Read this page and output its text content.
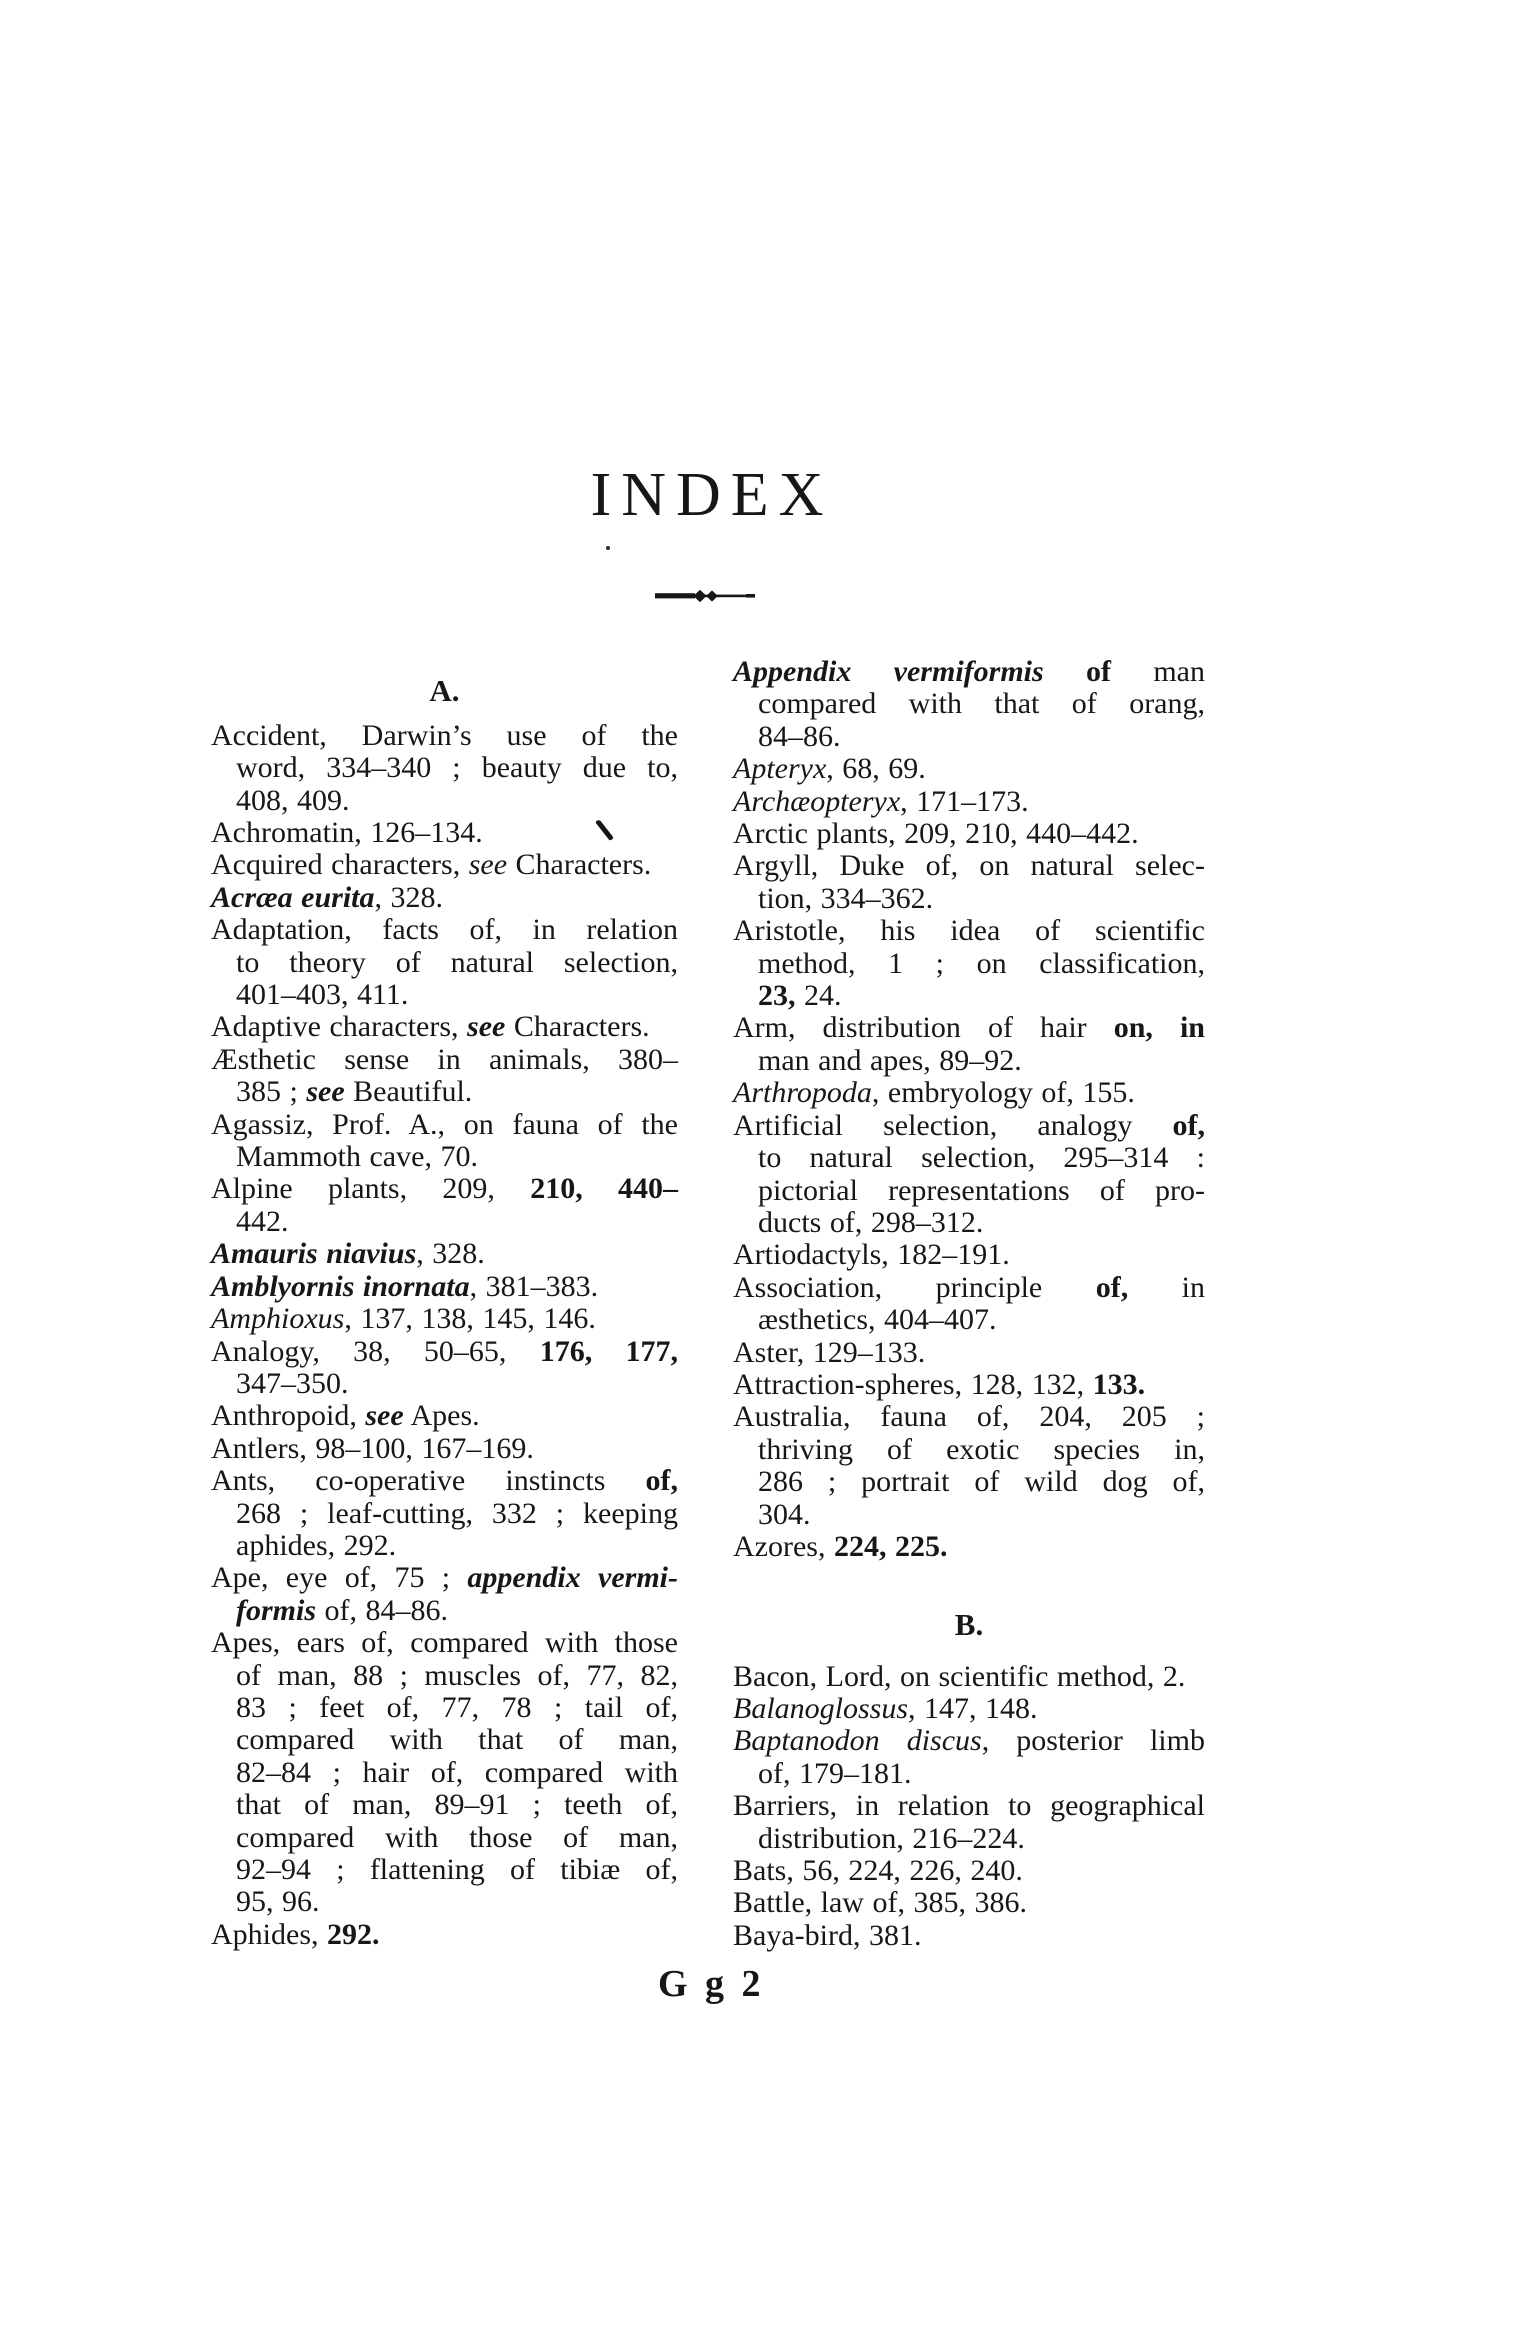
INDEX
A.
Accident, Darwin’s use of the
word, 334–340 ; beauty due to,
408, 409.
Achromatin, 126–134.
Acquired characters, see Characters.
Acræa eurita, 328.
Adaptation, facts of, in relation
to theory of natural selection,
401–403, 411.
Adaptive characters, see Characters.
Æsthetic sense in animals, 380–
385 ; see Beautiful.
Agassiz, Prof. A., on fauna of the
Mammoth cave, 70.
Alpine plants, 209, 210, 440–
442.
Amauris niavius, 328.
Amblyornis inornata, 381–383.
Amphioxus, 137, 138, 145, 146.
Analogy, 38, 50–65, 176, 177,
347–350.
Anthropoid, see Apes.
Antlers, 98–100, 167–169.
Ants, co-operative instincts of,
268 ; leaf-cutting, 332 ; keeping
aphides, 292.
Ape, eye of, 75 ; appendix vermi-
formis of, 84–86.
Apes, ears of, compared with those
of man, 88 ; muscles of, 77, 82,
83 ; feet of, 77, 78 ; tail of,
compared with that of man,
82–84 ; hair of, compared with
that of man, 89–91 ; teeth of,
compared with those of man,
92–94 ; flattening of tibiæ of,
95, 96.
Aphides, 292.
Appendix vermiformis of man
compared with that of orang,
84–86.
Apteryx, 68, 69.
Archæopteryx, 171–173.
Arctic plants, 209, 210, 440–442.
Argyll, Duke of, on natural selec-
tion, 334–362.
Aristotle, his idea of scientific
method, 1 ; on classification,
23, 24.
Arm, distribution of hair on, in
man and apes, 89–92.
Arthropoda, embryology of, 155.
Artificial selection, analogy of,
to natural selection, 295–314 :
pictorial representations of pro-
ducts of, 298–312.
Artiodactyls, 182–191.
Association, principle of, in
æsthetics, 404–407.
Aster, 129–133.
Attraction-spheres, 128, 132, 133.
Australia, fauna of, 204, 205 ;
thriving of exotic species in,
286 ; portrait of wild dog of,
304.
Azores, 224, 225.
B.
Bacon, Lord, on scientific method, 2.
Balanoglossus, 147, 148.
Baptanodon discus, posterior limb
of, 179–181.
Barriers, in relation to geographical
distribution, 216–224.
Bats, 56, 224, 226, 240.
Battle, law of, 385, 386.
Baya-bird, 381.
G g 2
